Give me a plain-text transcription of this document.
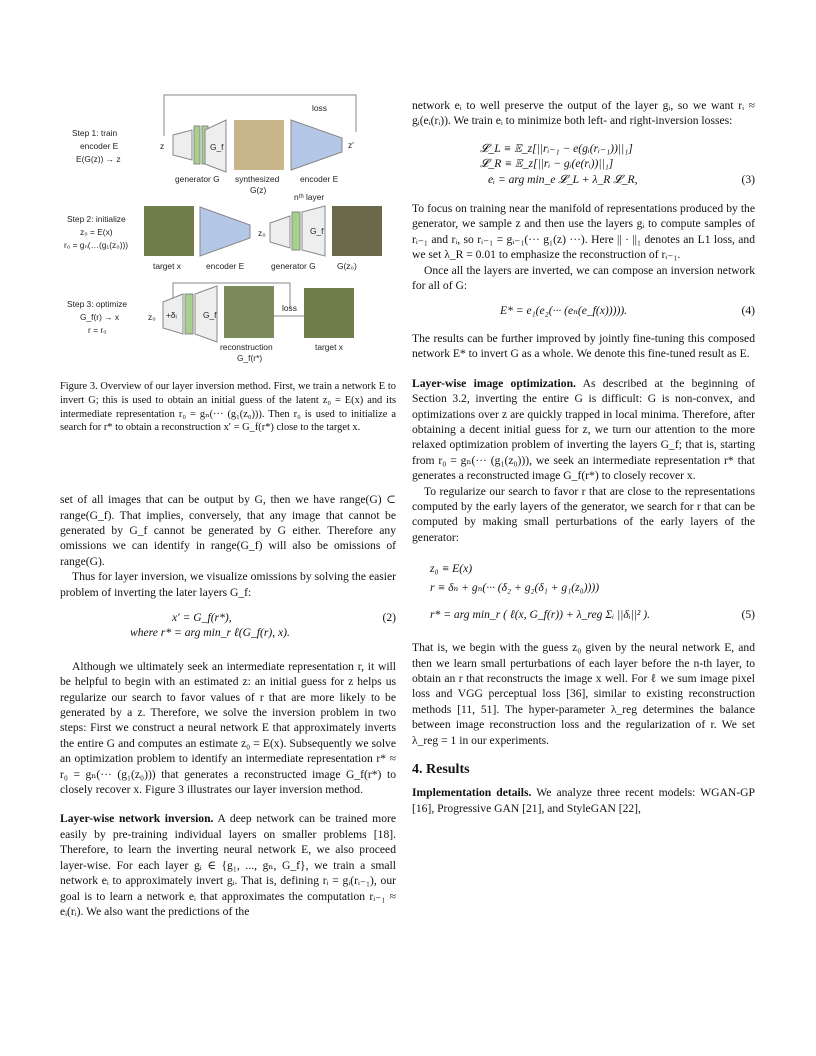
Step 1: train
encoder E
E(G(z)) → z
loss
z	G_f	z'
generator G synthesized
G(z)
encoder E
Step 2: initialize
z₀ = E(x)
r₀ = gₙ(…(g₁(z₀)))
z₀
nᵗʰ layer
G_f
target x	encoder E	generator G	G(z₀)
Step 3: optimize
G_f(r) → x
r = r₀
z₀ +δᵢ	G_f
loss
reconstruction
G_f(r*)
target x

Figure 3. Overview of our layer inversion method. First, we train a network E to invert G; this is used to obtain an initial guess of the latent z₀ = E(x) and its intermediate representation r₀ = gₙ(··· (g₁(z₀))). Then r₀ is used to initialize a search for r* to obtain a reconstruction x′ = G_f(r*) close to the target x.

set of all images that can be output by G, then we have range(G) ⊂ range(G_f). That implies, conversely, that any image that cannot be generated by G_f cannot be generated by G either. Therefore any omissions we can identify in range(G_f) will also be omissions of range(G).

Thus for layer inversion, we visualize omissions by solving the easier problem of inverting the later layers G_f:

x′ = G_f(r*),
where r* = arg min_r ℓ(G_f(r), x).
(2)

Although we ultimately seek an intermediate representation r, it will be helpful to begin with an estimated z: an initial guess for z helps us regularize our search to favor values of r that are more likely to be generated by a z. Therefore, we solve the inversion problem in two steps: First we construct a neural network E that approximately inverts the entire G and computes an estimate z₀ = E(x). Subsequently we solve an optimization problem to identify an intermediate representation r* ≈ r₀ = gₙ(··· (g₁(z₀))) that generates a reconstructed image G_f(r*) to closely recover x. Figure 3 illustrates our layer inversion method.

Layer-wise network inversion. A deep network can be trained more easily by pre-training individual layers on smaller problems [18]. Therefore, to learn the inverting neural network E, we also proceed layer-wise. For each layer gᵢ ∈ {g₁, ..., gₙ, G_f}, we train a small network eᵢ to approximately invert gᵢ. That is, defining rᵢ = gᵢ(rᵢ₋₁), our goal is to learn a network eᵢ that approximates the computation rᵢ₋₁ ≈ eᵢ(rᵢ). We also want the predictions of the

network eᵢ to well preserve the output of the layer gᵢ, so we want rᵢ ≈ gᵢ(eᵢ(rᵢ)). We train eᵢ to minimize both left- and right-inversion losses:

𝓛_L ≡ 𝔼_z[||rᵢ₋₁ − e(gᵢ(rᵢ₋₁))||₁]
𝓛_R ≡ 𝔼_z[||rᵢ − gᵢ(e(rᵢ))||₁]
eᵢ = arg min_e 𝓛_L + λ_R 𝓛_R,	(3)

To focus on training near the manifold of representations produced by the generator, we sample z and then use the layers gᵢ to compute samples of rᵢ₋₁ and rᵢ, so rᵢ₋₁ = gᵢ₋₁(··· g₁(z) ···). Here || · ||₁ denotes an L1 loss, and we set λ_R = 0.01 to emphasize the reconstruction of rᵢ₋₁.

Once all the layers are inverted, we can compose an inversion network for all of G:

E* = e₁(e₂(··· (eₙ(e_f(x))))).	(4)

The results can be further improved by jointly fine-tuning this composed network E* to invert G as a whole. We denote this fine-tuned result as E.

Layer-wise image optimization. As described at the beginning of Section 3.2, inverting the entire G is difficult: G is non-convex, and optimizations over z are quickly trapped in local minima. Therefore, after obtaining a decent initial guess for z, we turn our attention to the more relaxed optimization problem of inverting the layers G_f; that is, starting from r₀ = gₙ(··· (g₁(z₀))), we seek an intermediate representation r* that generates a reconstructed image G_f(r*) to closely recover x.

To regularize our search to favor r that are close to the representations computed by the early layers of the generator, we search for r that can be computed by making small perturbations of the early layers of the generator:

z₀ ≡ E(x)
r ≡ δₙ + gₙ(··· (δ₂ + g₂(δ₁ + g₁(z₀))))
r* = arg min_r ( ℓ(x, G_f(r)) + λ_reg Σᵢ ||δᵢ||² ).	(5)

That is, we begin with the guess z₀ given by the neural network E, and then we learn small perturbations of each layer before the n-th layer, to obtain an r that reconstructs the image x well. For ℓ we sum image pixel loss and VGG perceptual loss [36], similar to existing reconstruction methods [11, 51]. The hyper-parameter λ_reg determines the balance between image reconstruction loss and the regularization of r. We set λ_reg = 1 in our experiments.

4. Results

Implementation details. We analyze three recent models: WGAN-GP [16], Progressive GAN [21], and StyleGAN [22],
